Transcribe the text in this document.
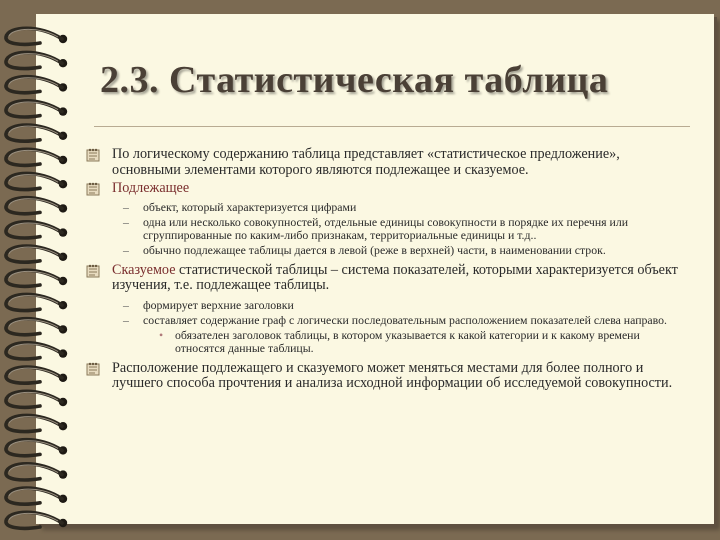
2.3. Статистическая таблица

По логическому содержанию таблица представляет «статистическое предложение», основными элементами которого являются подлежащее и сказуемое.

Подлежащее

– объект, который характеризуется цифрами

– одна или несколько совокупностей, отдельные единицы совокупности в порядке их перечня или сгруппированные по каким-либо признакам, территориальные единицы и т.д..

– обычно подлежащее таблицы дается в левой (реже в верхней) части, в наименовании строк.

Сказуемое статистической таблицы – система показателей, которыми характеризуется объект изучения, т.е. подлежащее таблицы.

– формирует верхние заголовки

– составляет содержание граф с логически последовательным расположением показателей слева направо.

• обязателен заголовок таблицы, в котором указывается к какой категории и к какому времени относятся данные таблицы.

Расположение подлежащего и сказуемого может меняться местами для более полного и лучшего способа прочтения и анализа исходной информации об исследуемой совокупности.
